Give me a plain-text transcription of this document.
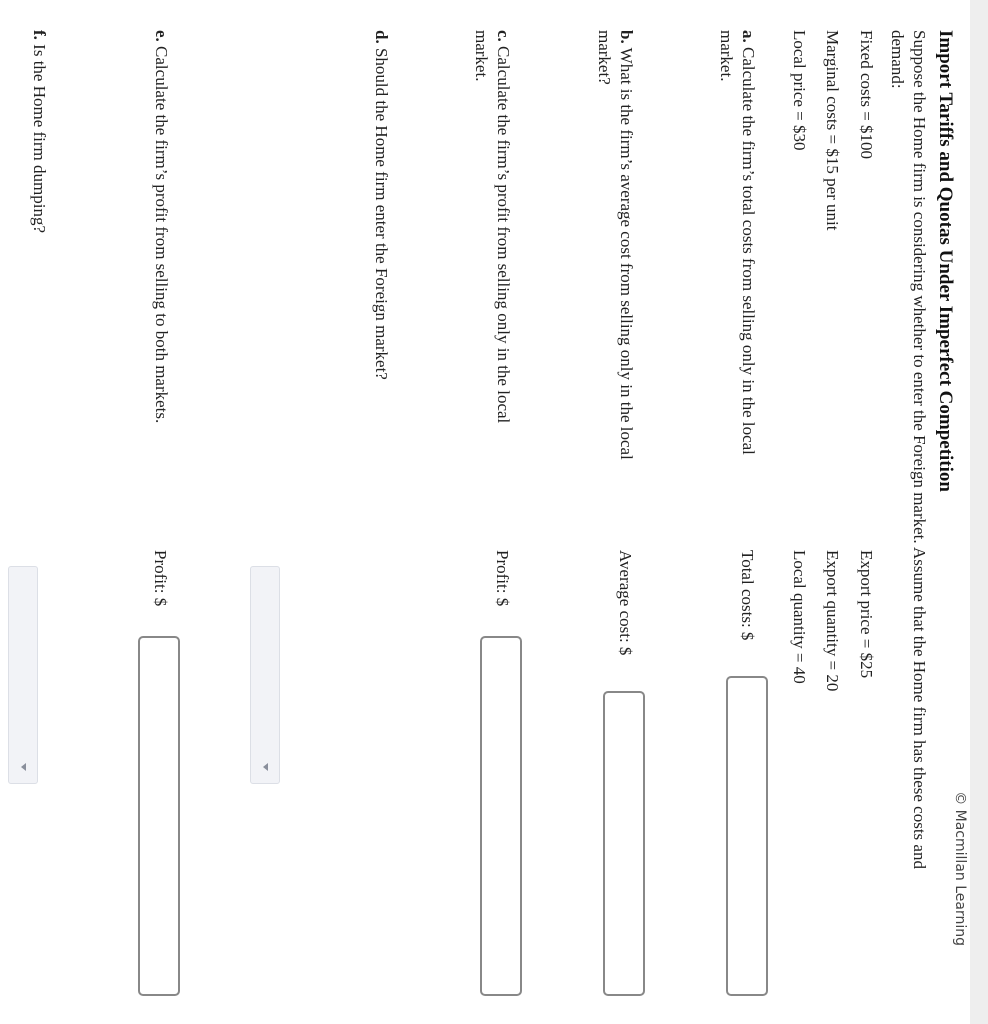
© Macmillan Learning
Import Tariffs and Quotas Under Imperfect Competition
Suppose the Home firm is considering whether to enter the Foreign market. Assume that the Home firm has these costs and demand:
Fixed costs = $100
Marginal costs = $15 per unit
Local price = $30
Export price = $25
Export quantity = 20
Local quantity = 40
a. Calculate the firm’s total costs from selling only in the local market.
Total costs: $
b. What is the firm’s average cost from selling only in the local market?
Average cost: $
c. Calculate the firm’s profit from selling only in the local market.
Profit: $
d. Should the Home firm enter the Foreign market?
e. Calculate the firm’s profit from selling to both markets.
Profit: $
f. Is the Home firm dumping?
